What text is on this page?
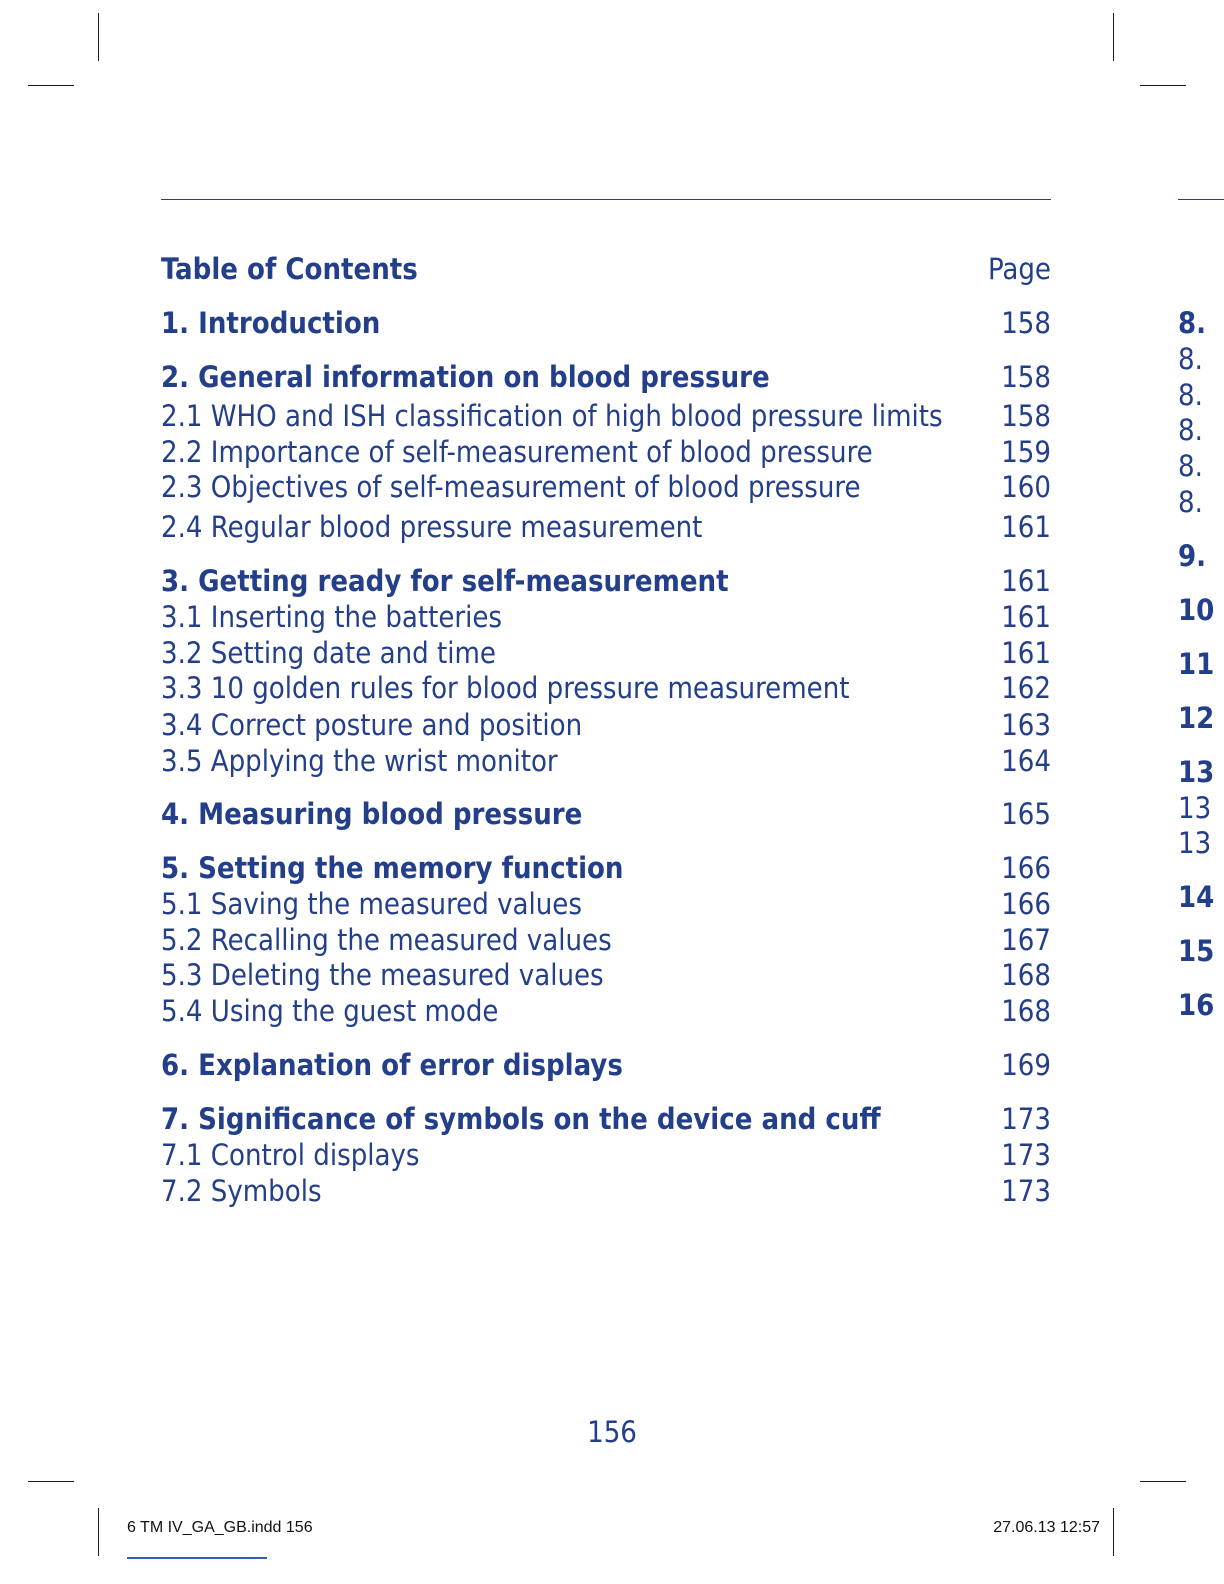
Table of Contents	Page
1. Introduction	158
2. General information on blood pressure	158
2.1 WHO and ISH classification of high blood pressure limits 158
2.2 Importance of self-measurement of blood pressure	159
2.3 Objectives of self-measurement of blood pressure	160
2.4 Regular blood pressure measurement	161
3. Getting ready for self-measurement	161
3.1 Inserting the batteries	161
3.2 Setting date and time	161
3.3 10 golden rules for blood pressure measurement	162
3.4 Correct posture and position	163
3.5 Applying the wrist monitor	164
4. Measuring blood pressure	165
5. Setting the memory function	166
5.1 Saving the measured values	166
5.2 Recalling the measured values	167
5.3 Deleting the measured values	168
5.4 Using the guest mode	168
6. Explanation of error displays	169
7. Significance of symbols on the device and cuff	173
7.1 Control displays	173
7.2 Symbols	173
8.
8.
8.
8.
8.
8.
9.
10
11
12
13
13
13
14
15
16
156
6 TM IV_GA_GB.indd 156	27.06.13 12:57
